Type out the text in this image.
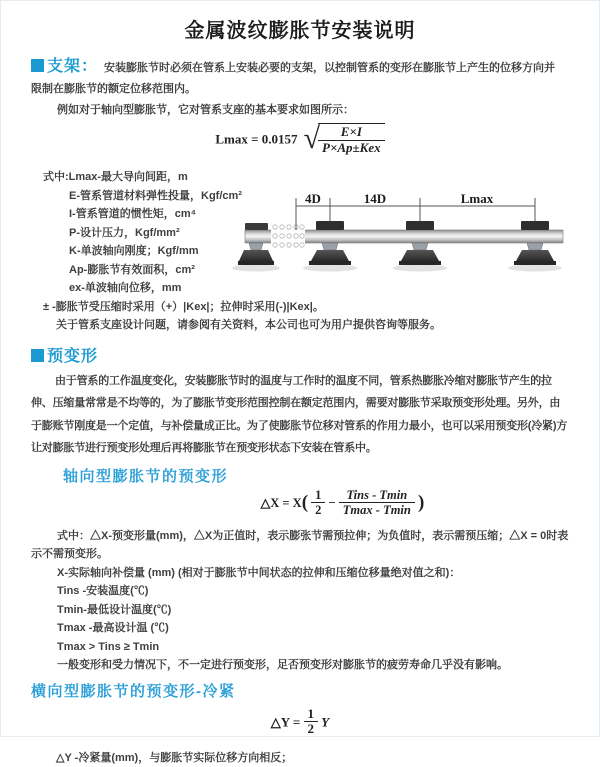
金属波纹膨胀节安装说明
支架： 安装膨胀节时必须在管系上安装必要的支架，以控制管系的变形在膨胀节上产生的位移方向并
限制在膨胀节的额定位移范围内。
例如对于轴向型膨胀节，它对管系支座的基本要求如图所示：
Lmax = 0.0157 √
$\frac{E\times I}{\text{P×Ap±Kex}}$
式中:Lmax-最大导向间距，m
E-管系管道材料弹性投量，Kgf/cm²
I-管系管道的惯性矩，cm⁴
P-设计压力，Kgf/mm²
K-单波轴向刚度；Kgf/mm
Ap-膨胀节有效面积，cm²
ex-单波轴向位移，mm
± -膨胀节受压缩时采用（+）|Kex|；拉伸时采用(-)|Kex|。
关于管系支座设计问题，请参阅有关资料，本公司也可为用户提供咨询等服务。
4D	14D	Lmax
预变形
由于管系的工作温度变化，安装膨胀节时的温度与工作时的温度不同，管系热膨胀冷缩对膨胀节产生的拉
伸、压缩量常常是不均等的，为了膨胀节变形范围控制在额定范围内，需要对膨胀节采取预变形处理。另外，由
于膨账节刚度是一个定值，与补偿量成正比。为了使膨胀节位移对管系的作用力最小，也可以采用预变形(冷紧)方
让对膨胀节进行预变形处理后再将膨胀节在预变形状态下安装在管系中。
轴向型膨胀节的预变形
△X = $X( \frac{1}{2} - \frac{\text{Tins - Tmin}}{Tmax - Tmin}$ )
式中：△X-预变形量(mm)，△X为正值时，表示膨张节需预拉伸；为负值时，表示需预压缩；△X = 0时表
示不需预变形。
X-实际轴向补偿量 (mm) (相对于膨胀节中间状态的拉伸和压缩位移量绝对值之和)：
Tins -安装温度(℃)
Tmin-最低设计温度(℃)
Tmax -最高设计温 (℃)
Tmax > Tins ≥ Tmin
一般变形和受力情况下，不一定进行预变形，足否预变形对膨胀节的疲劳寿命几乎没有影响。
横向型膨胀节的预变形-冷紧
△Y = $\frac{1}{2}$ Y
△Y -冷紧量(mm)，与膨胀节实际位移方向相反；
